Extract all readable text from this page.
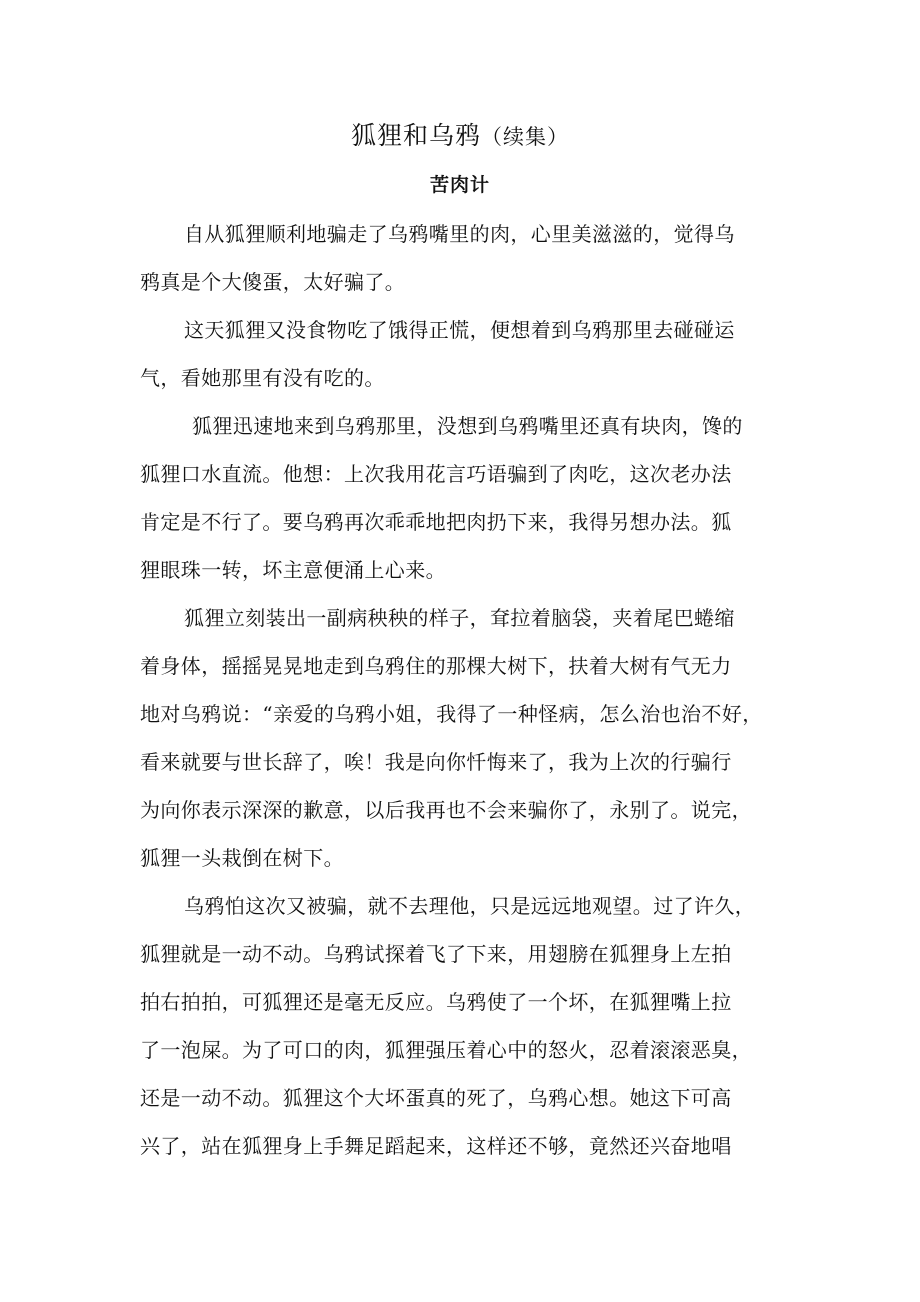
狐狸和乌鸦（续集）
苦肉计
自从狐狸顺利地骗走了乌鸦嘴里的肉，心里美滋滋的，觉得乌
鸦真是个大傻蛋，太好骗了。
这天狐狸又没食物吃了饿得正慌，便想着到乌鸦那里去碰碰运
气，看她那里有没有吃的。
狐狸迅速地来到乌鸦那里，没想到乌鸦嘴里还真有块肉，馋的
狐狸口水直流。他想：上次我用花言巧语骗到了肉吃，这次老办法
肯定是不行了。要乌鸦再次乖乖地把肉扔下来，我得另想办法。狐
狸眼珠一转，坏主意便涌上心来。
狐狸立刻装出一副病秧秧的样子，耷拉着脑袋，夹着尾巴蜷缩
着身体，摇摇晃晃地走到乌鸦住的那棵大树下，扶着大树有气无力
地对乌鸦说：“亲爱的乌鸦小姐，我得了一种怪病，怎么治也治不好，
看来就要与世长辞了，唉！我是向你忏悔来了，我为上次的行骗行
为向你表示深深的歉意，以后我再也不会来骗你了，永别了。说完，
狐狸一头栽倒在树下。
乌鸦怕这次又被骗，就不去理他，只是远远地观望。过了许久，
狐狸就是一动不动。乌鸦试探着飞了下来，用翅膀在狐狸身上左拍
拍右拍拍，可狐狸还是毫无反应。乌鸦使了一个坏，在狐狸嘴上拉
了一泡屎。为了可口的肉，狐狸强压着心中的怒火，忍着滚滚恶臭，
还是一动不动。狐狸这个大坏蛋真的死了，乌鸦心想。她这下可高
兴了，站在狐狸身上手舞足蹈起来，这样还不够，竟然还兴奋地唱
